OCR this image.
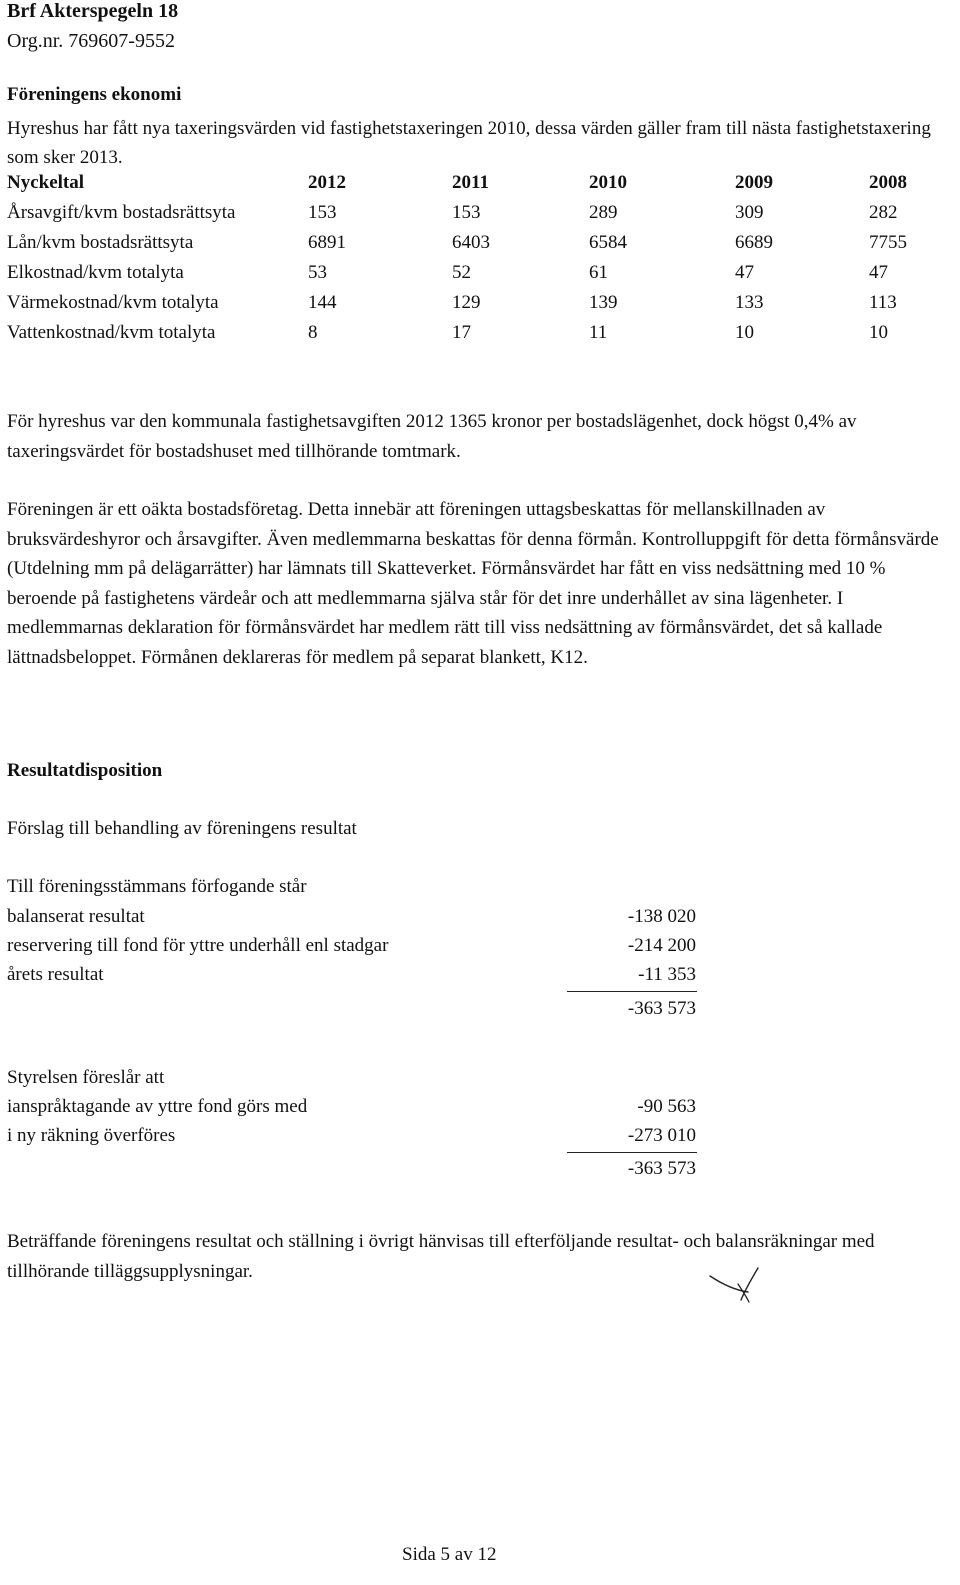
Brf Akterspegeln 18
Org.nr. 769607-9552
Föreningens ekonomi
Hyreshus har fått nya taxeringsvärden vid fastighetstaxeringen 2010, dessa värden gäller fram till nästa fastighetstaxering som sker 2013.
Nyckeltal	2012	2011	2010	2009	2008
Årsavgift/kvm bostadsrättsyta	153	153	289	309	282
Lån/kvm bostadsrättsyta	6891	6403	6584	6689	7755
Elkostnad/kvm totalyta	53	52	61	47	47
Värmekostnad/kvm totalyta	144	129	139	133	113
Vattenkostnad/kvm totalyta	8	17	11	10	10
För hyreshus var den kommunala fastighetsavgiften 2012 1365 kronor per bostadslägenhet, dock högst 0,4% av taxeringsvärdet för bostadshuset med tillhörande tomtmark.
Föreningen är ett oäkta bostadsföretag. Detta innebär att föreningen uttagsbeskattas för mellanskillnaden av bruksvärdeshyror och årsavgifter. Även medlemmarna beskattas för denna förmån. Kontrolluppgift för detta förmånsvärde (Utdelning mm på delägarrätter) har lämnats till Skatteverket. Förmånsvärdet har fått en viss nedsättning med 10 % beroende på fastighetens värdeår och att medlemmarna själva står för det inre underhållet av sina lägenheter. I medlemmarnas deklaration för förmånsvärdet har medlem rätt till viss nedsättning av förmånsvärdet, det så kallade lättnadsbeloppet. Förmånen deklareras för medlem på separat blankett, K12.
Resultatdisposition
Förslag till behandling av föreningens resultat
Till föreningsstämmans förfogande står
balanserat resultat	-138 020
reservering till fond för yttre underhåll enl stadgar	-214 200
årets resultat	-11 353
-363 573
Styrelsen föreslår att
ianspråktagande av yttre fond görs med	-90 563
i ny räkning överföres	-273 010
-363 573
Beträffande föreningens resultat och ställning i övrigt hänvisas till efterföljande resultat- och balansräkningar med tillhörande tilläggsupplysningar.
Sida 5 av 12
